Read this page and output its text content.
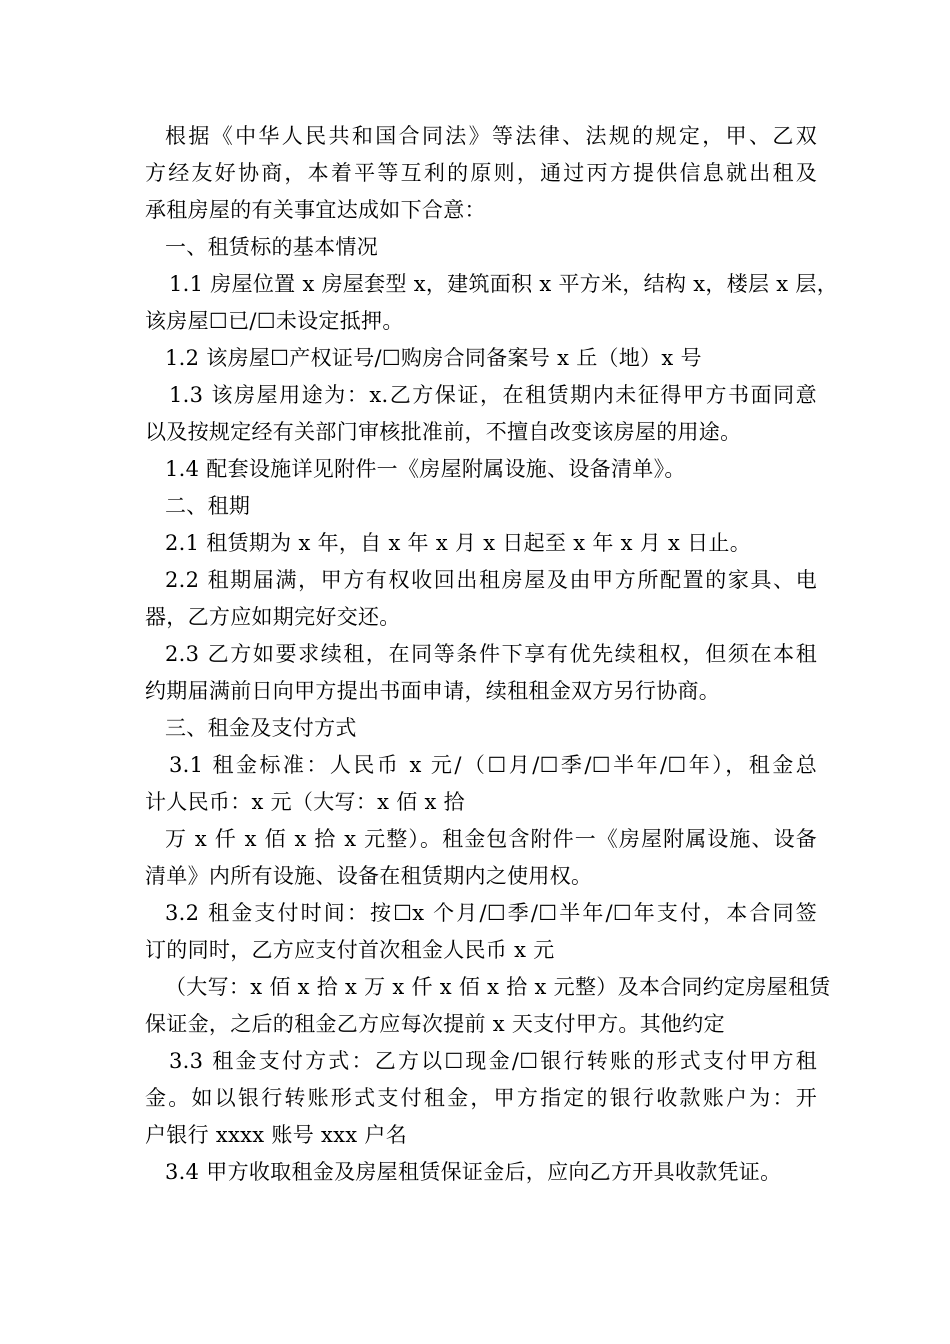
根据《中华人民共和国合同法》等法律、法规的规定，甲、乙双
方经友好协商，本着平等互利的原则，通过丙方提供信息就出租及
承租房屋的有关事宜达成如下合意：
一、租赁标的基本情况
1.1 房屋位置 x 房屋套型 x，建筑面积 x 平方米，结构 x，楼层 x 层，
该房屋☐已/☐未设定抵押。
1.2 该房屋☐产权证号/☐购房合同备案号 x 丘（地）x 号
1.3 该房屋用途为：x.乙方保证，在租赁期内未征得甲方书面同意
以及按规定经有关部门审核批准前，不擅自改变该房屋的用途。
1.4 配套设施详见附件一《房屋附属设施、设备清单》。
二、租期
2.1 租赁期为 x 年，自 x 年 x 月 x 日起至 x 年 x 月 x 日止。
2.2 租期届满，甲方有权收回出租房屋及由甲方所配置的家具、电
器，乙方应如期完好交还。
2.3 乙方如要求续租，在同等条件下享有优先续租权，但须在本租
约期届满前日向甲方提出书面申请，续租租金双方另行协商。
三、租金及支付方式
3.1 租金标准：人民币 x 元/（☐月/☐季/☐半年/☐年），租金总
计人民币：x 元（大写：x 佰 x 拾
万 x 仟 x 佰 x 拾 x 元整）。租金包含附件一《房屋附属设施、设备
清单》内所有设施、设备在租赁期内之使用权。
3.2 租金支付时间：按☐x 个月/☐季/☐半年/☐年支付，本合同签
订的同时，乙方应支付首次租金人民币 x 元
（大写：x 佰 x 拾 x 万 x 仟 x 佰 x 拾 x 元整）及本合同约定房屋租赁
保证金，之后的租金乙方应每次提前 x 天支付甲方。其他约定
3.3 租金支付方式：乙方以☐现金/☐银行转账的形式支付甲方租
金。如以银行转账形式支付租金，甲方指定的银行收款账户为：开
户银行 xxxx 账号 xxx 户名
3.4 甲方收取租金及房屋租赁保证金后，应向乙方开具收款凭证。
